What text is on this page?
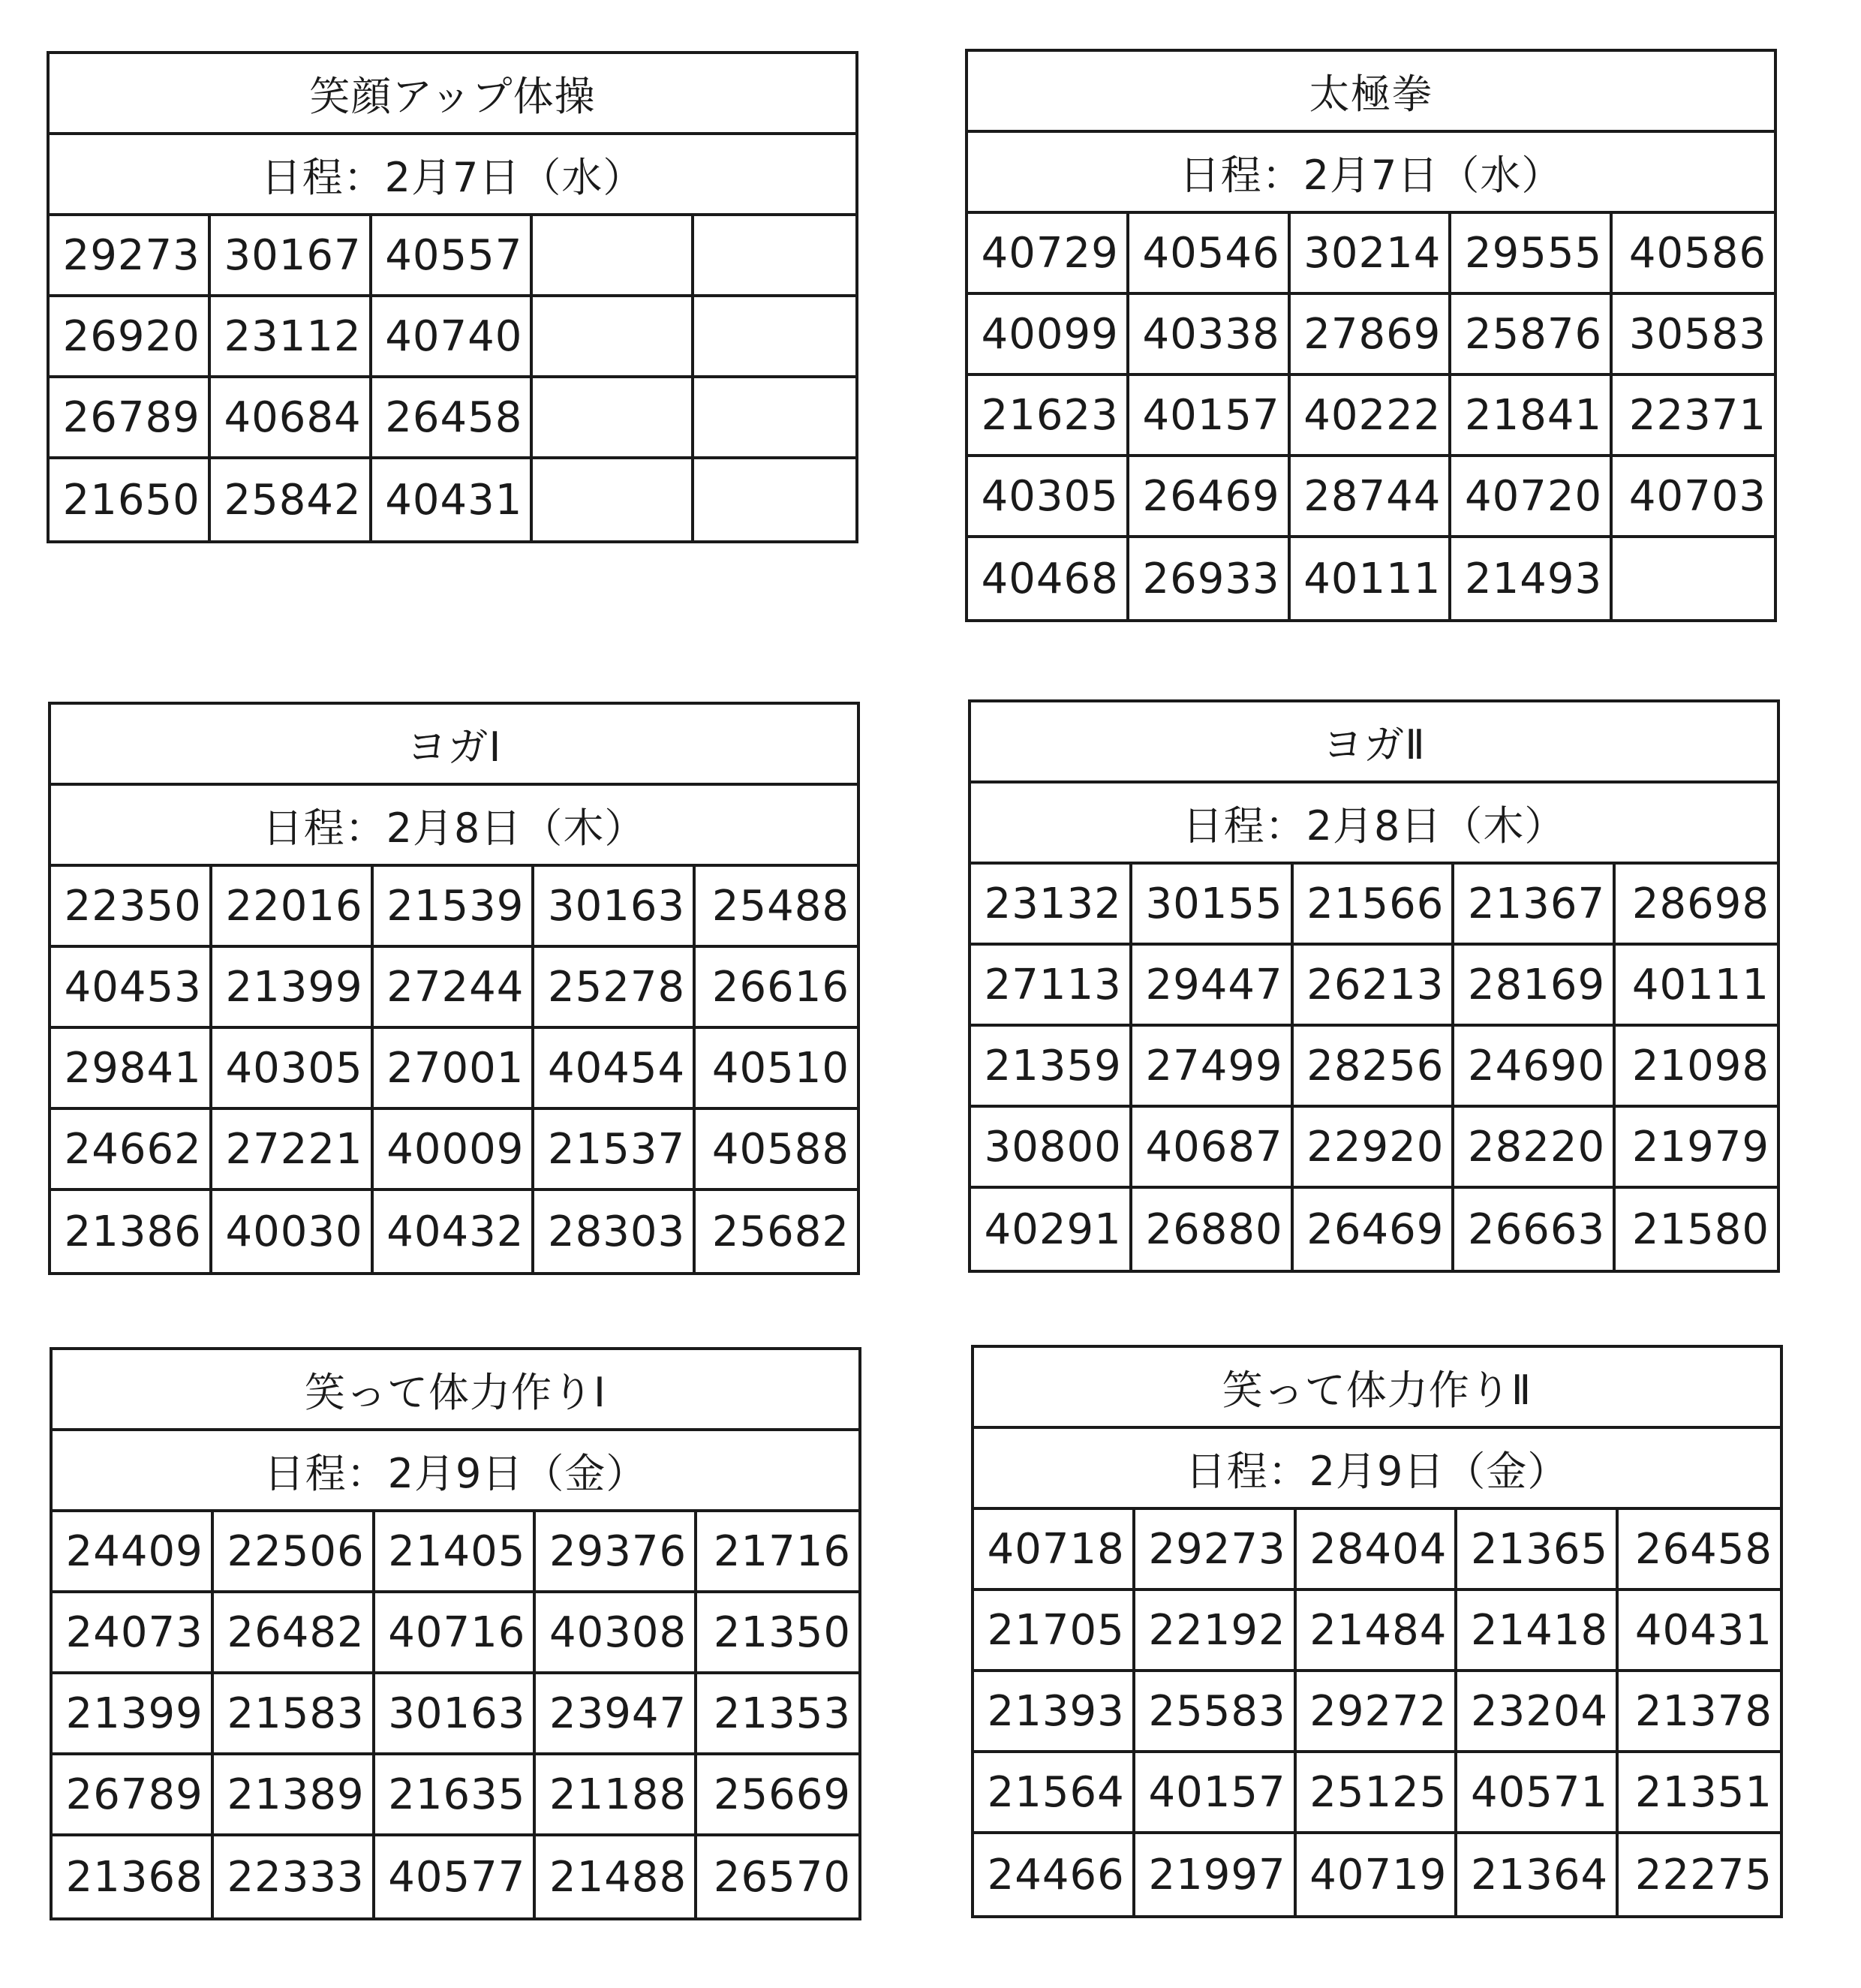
笑顔アップ体操
日程：2月7日（水）
29273 30167 40557
26920 23112 40740
26789 40684 26458
21650 25842 40431
太極拳
日程：2月7日（水）
40729 40546 30214 29555 40586
40099 40338 27869 25876 30583
21623 40157 40222 21841 22371
40305 26469 28744 40720 40703
40468 26933 40111 21493
ヨガⅠ
日程：2月8日（木）
22350 22016 21539 30163 25488
40453 21399 27244 25278 26616
29841 40305 27001 40454 40510
24662 27221 40009 21537 40588
21386 40030 40432 28303 25682
ヨガⅡ
日程：2月8日（木）
23132 30155 21566 21367 28698
27113 29447 26213 28169 40111
21359 27499 28256 24690 21098
30800 40687 22920 28220 21979
40291 26880 26469 26663 21580
笑って体力作りⅠ
日程：2月9日（金）
24409 22506 21405 29376 21716
24073 26482 40716 40308 21350
21399 21583 30163 23947 21353
26789 21389 21635 21188 25669
21368 22333 40577 21488 26570
笑って体力作りⅡ
日程：2月9日（金）
40718 29273 28404 21365 26458
21705 22192 21484 21418 40431
21393 25583 29272 23204 21378
21564 40157 25125 40571 21351
24466 21997 40719 21364 22275
